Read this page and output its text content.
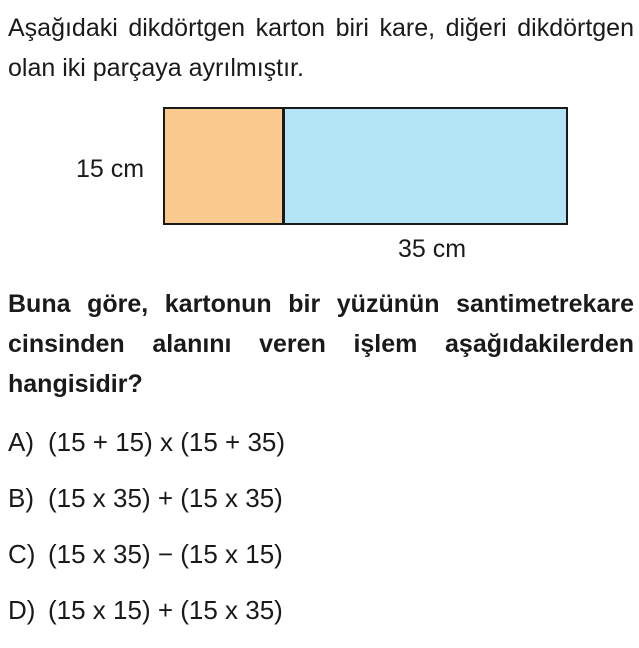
Aşağıdaki dikdörtgen karton biri kare, diğeri dikdörtgen olan iki parçaya ayrılmıştır.
15 cm
35 cm
Buna göre, kartonun bir yüzünün santimetrekare cinsinden alanını veren işlem aşağıdakilerden hangisidir?
A) (15 + 15) x (15 + 35)
B) (15 x 35) + (15 x 35)
C) (15 x 35) − (15 x 15)
D) (15 x 15) + (15 x 35)
